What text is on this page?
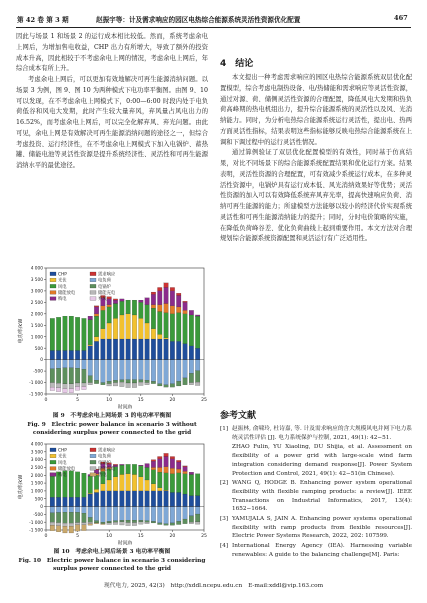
第 42 卷 第 3 期	赵振宇等：计及需求响应的园区电热综合能源系统灵活性资源优化配置	467

因此与场景 1 和场景 2 的运行成本相比较低。然而，系统考虑余电上网后，为增加售电收益，CHP 出力有所增大，导致了额外的投资成本升高，因此相较于不考虑余电上网的情况，考虑余电上网后，年综合成本有所上升。

考虑余电上网后，可以更加有效地解决可再生能源消纳问题。以场景 3 为例，图 9、图 10 为两种模式下电功率平衡图。由图 9、10 可以发现，在不考虑余电上网模式下，0:00—6:00 时段内处于电负荷低谷和风电大发期，此时产生较大量弃风，弃风量占风电出力的 16.52%，而考虑余电上网后，可以完全化解弃风、弃光问题。由此可见，余电上网是有效解决可再生能源消纳问题的途径之一，但综合考虑投资、运行经济性，在不考虑余电上网模式下加入电锅炉、蓄热罐、储能电池等灵活性资源是提升系统经济性、灵活性和可再生能源消纳水平的最优途径。

-1 500
-1 000
-500
0
500
1 000
1 500
2 000
2 500
3 000
3 500
4 000
0	5	10	15	20	25
时间/h
电功率/kW
CHP
光伏
风电
储能放电
购电
需求响应
电负荷
电锅炉
储能充电
弃风
图 9　不考虑余电上网场景 3 的电功率平衡图
Fig. 9　Electric power balance in scenario 3 without considering surplus power connected to the grid
-1 500
-1 000
-500
0
500
1 000
1 500
2 000
2 500
3 000
3 500
4 000
0	5	10	15	20	25
时间/h
电功率/kW
CHP
光伏
风电
储能放电
购电
需求响应
电负荷
电锅炉
储能充电
售电
图 10　考虑余电上网后场景 3 电功率平衡图
Fig. 10　Electric power balance in scenario 3 considering surplus power connected to the grid
4　结论

本文提出一种考虑需求响应的园区电热综合能源系统双层优化配置模型，综合考虑电制热设备、电/热储能和需求响应等灵活性资源，通过对源、荷、储侧灵活性资源的合理配置，降低风电大发期和热负荷高峰期的热电机组出力，提升综合能源系统的灵活性以及风、光消纳能力。同时，为分析电热综合能源系统运行灵活性，提出电、热两方面灵活性指标，结果表明这些指标能够反映电热综合能源系统在上调和下调过程中的运行灵活性情况。

通过算例验证了双层优化配置模型的有效性，同时基于仿真结果，对比不同场景下的综合能源系统配置结果和优化运行方案。结果表明，灵活性资源的合理配置，可有效减少系统运行成本，在多种灵活性资源中，电锅炉具有运行成本低、风光消纳效果好等优势；灵活性资源的加入可以有效降低系统弃风弃光率，提高快速响应负荷、消纳可再生能源的能力；所建模型方法能够以较小的经济代价实现系统灵活性和可再生能源消纳能力的提升；同时，分时电价策略的实施，在降低负荷峰谷差、优化负荷曲线上起到重要作用。本文方法对合理规划综合能源系统资源配置和灵活运行有广泛适用性。

参考文献
[1] 赵振林, 俞啸玲, 杜诗嘉, 等. 计及需求响应的含大规模风电并网下电力系统灵活性评估 [J]. 电力系统保护与控制, 2021, 49(1): 42−51.
ZHAO Fulin, YU Xiaoling, DU Shijia, et al. Assessment on flexibility of a power grid with large-scale wind farm integration considering demand response[J]. Power System Protection and Control, 2021, 49(1): 42−51(in Chinese).
[2] WANG Q, HODGE B. Enhancing power system operational flexibility with flexible ramping products: a review[J]. IEEE Transactions on Industrial Informatics, 2017, 13(4): 1652−1664.
[3] YAMUJALA S, JAIN A. Enhancing power systems operational flexibility with ramp products from flexible resources[J]. Electric Power Systems Research, 2022, 202: 107599.
[4] International Energy Agency (IEA). Harnessing variable renewables: A guide to the balancing challenge[M]. Paris:
现代电力, 2025, 42(3)　http://xddl.ncepu.edu.cn　E-mail:xddl@vip.163.com
